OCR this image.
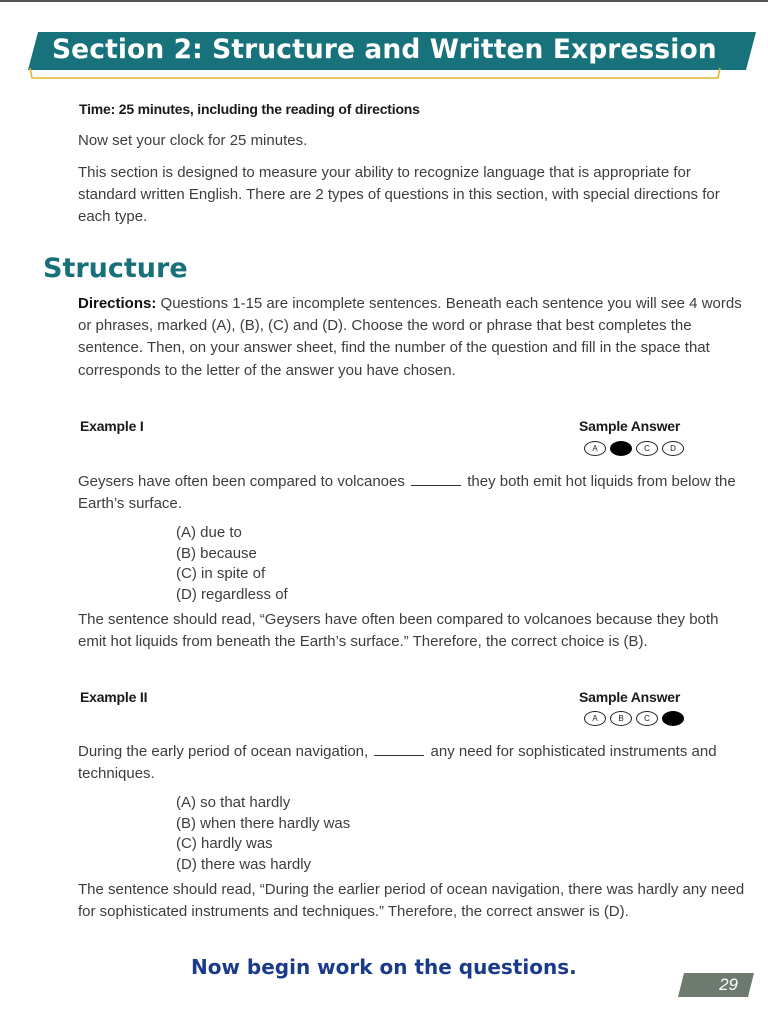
Section 2: Structure and Written Expression
Time: 25 minutes, including the reading of directions
Now set your clock for 25 minutes.
This section is designed to measure your ability to recognize language that is appropriate for standard written English. There are 2 types of questions in this section, with special directions for each type.
Structure
Directions: Questions 1-15 are incomplete sentences. Beneath each sentence you will see 4 words or phrases, marked (A), (B), (C) and (D). Choose the word or phrase that best completes the sentence. Then, on your answer sheet, find the number of the question and fill in the space that corresponds to the letter of the answer you have chosen.
Example I	Sample Answer
A	C	D
Geysers have often been compared to volcanoes	they both emit hot liquids from below the Earth’s surface.
(A) due to
(B) because
(C) in spite of
(D) regardless of
The sentence should read, “Geysers have often been compared to volcanoes because they both emit hot liquids from beneath the Earth’s surface.” Therefore, the correct choice is (B).
Example II	Sample Answer
A	B	C
During the early period of ocean navigation,	any need for sophisticated instruments and techniques.
(A) so that hardly
(B) when there hardly was
(C) hardly was
(D) there was hardly
The sentence should read, “During the earlier period of ocean navigation, there was hardly any need for sophisticated instruments and techniques.” Therefore, the correct answer is (D).
Now begin work on the questions.
29
